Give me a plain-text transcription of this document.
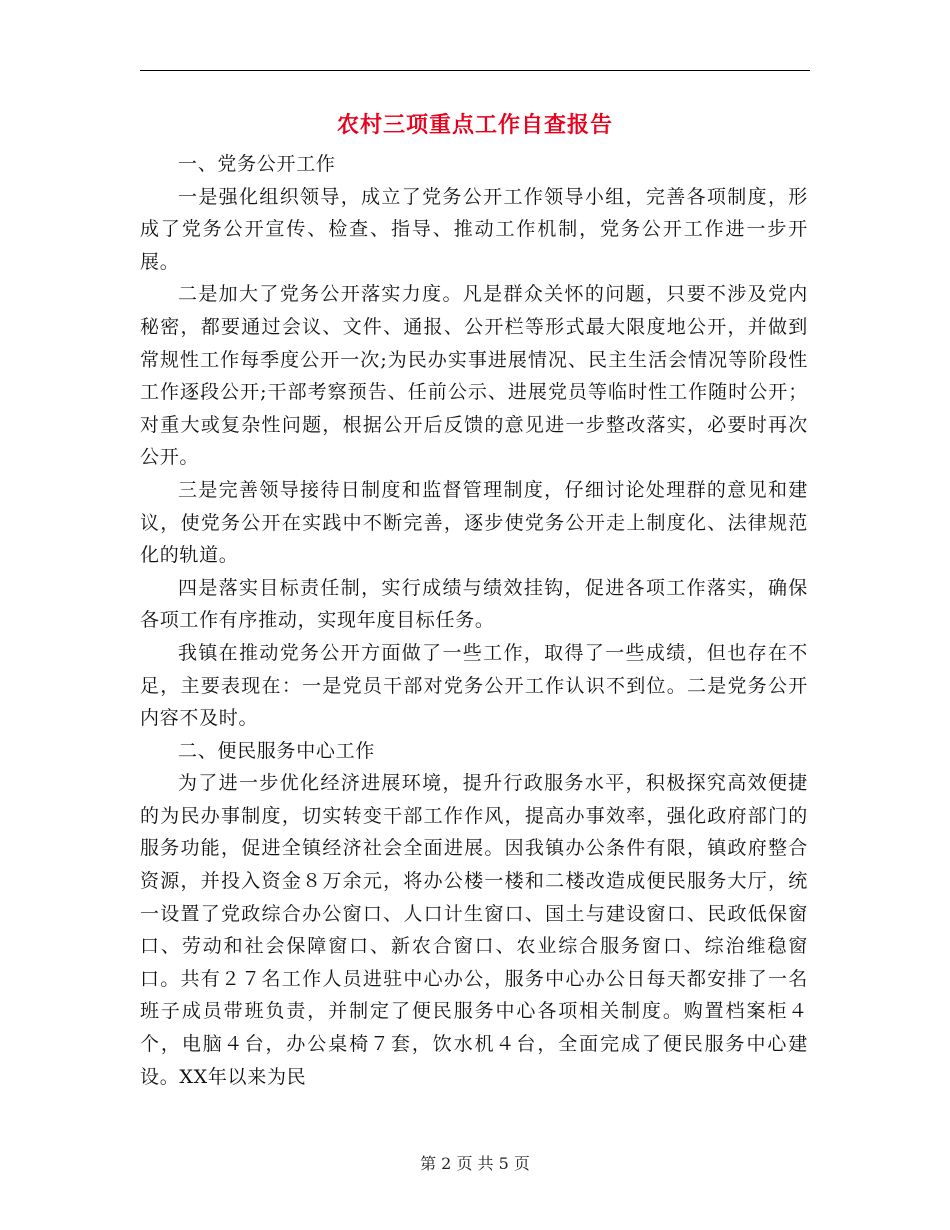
农村三项重点工作自查报告

一、党务公开工作

一是强化组织领导，成立了党务公开工作领导小组，完善各项制度，形成了党务公开宣传、检查、指导、推动工作机制，党务公开工作进一步开展。

二是加大了党务公开落实力度。凡是群众关怀的问题，只要不涉及党内秘密，都要通过会议、文件、通报、公开栏等形式最大限度地公开，并做到常规性工作每季度公开一次;为民办实事进展情况、民主生活会情况等阶段性工作逐段公开;干部考察预告、任前公示、进展党员等临时性工作随时公开；对重大或复杂性问题，根据公开后反馈的意见进一步整改落实，必要时再次公开。

三是完善领导接待日制度和监督管理制度，仔细讨论处理群的意见和建议，使党务公开在实践中不断完善，逐步使党务公开走上制度化、法律规范化的轨道。

四是落实目标责任制，实行成绩与绩效挂钩，促进各项工作落实，确保各项工作有序推动，实现年度目标任务。

我镇在推动党务公开方面做了一些工作，取得了一些成绩，但也存在不足，主要表现在：一是党员干部对党务公开工作认识不到位。二是党务公开内容不及时。

二、便民服务中心工作

为了进一步优化经济进展环境，提升行政服务水平，积极探究高效便捷的为民办事制度，切实转变干部工作作风，提高办事效率，强化政府部门的服务功能，促进全镇经济社会全面进展。因我镇办公条件有限，镇政府整合资源，并投入资金８万余元，将办公楼一楼和二楼改造成便民服务大厅，统一设置了党政综合办公窗口、人口计生窗口、国土与建设窗口、民政低保窗口、劳动和社会保障窗口、新农合窗口、农业综合服务窗口、综治维稳窗口。共有２７名工作人员进驻中心办公，服务中心办公日每天都安排了一名班子成员带班负责，并制定了便民服务中心各项相关制度。购置档案柜４个，电脑４台，办公桌椅７套，饮水机４台，全面完成了便民服务中心建设。XX年以来为民

第 2 页 共 5 页
